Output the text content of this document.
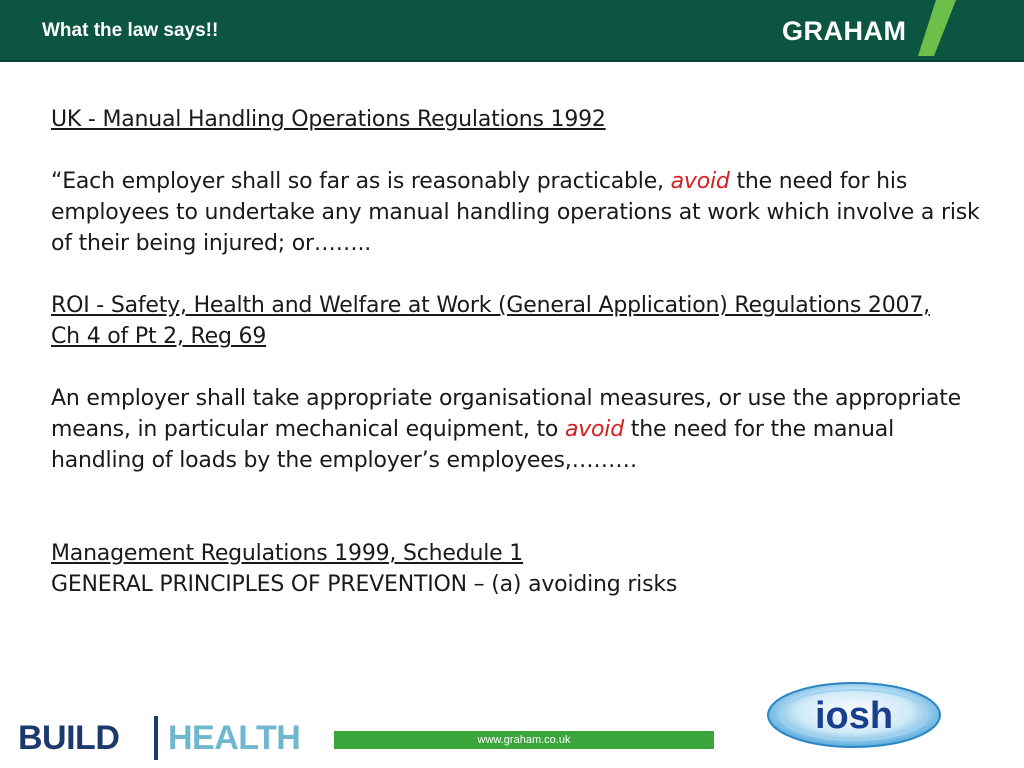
What the law says!!	GRAHAM

UK - Manual Handling Operations Regulations 1992

“Each employer shall so far as is reasonably practicable, avoid the need for his employees to undertake any manual handling operations at work which involve a risk of their being injured; or……..

ROI - Safety, Health and Welfare at Work (General Application) Regulations 2007,
Ch 4 of Pt 2, Reg 69

An employer shall take appropriate organisational measures, or use the appropriate means, in particular mechanical equipment, to avoid the need for the manual handling of loads by the employer’s employees,………

Management Regulations 1999, Schedule 1

GENERAL PRINCIPLES OF PREVENTION – (a) avoiding risks

BUILD HEALTH	www.graham.co.uk
iosh
